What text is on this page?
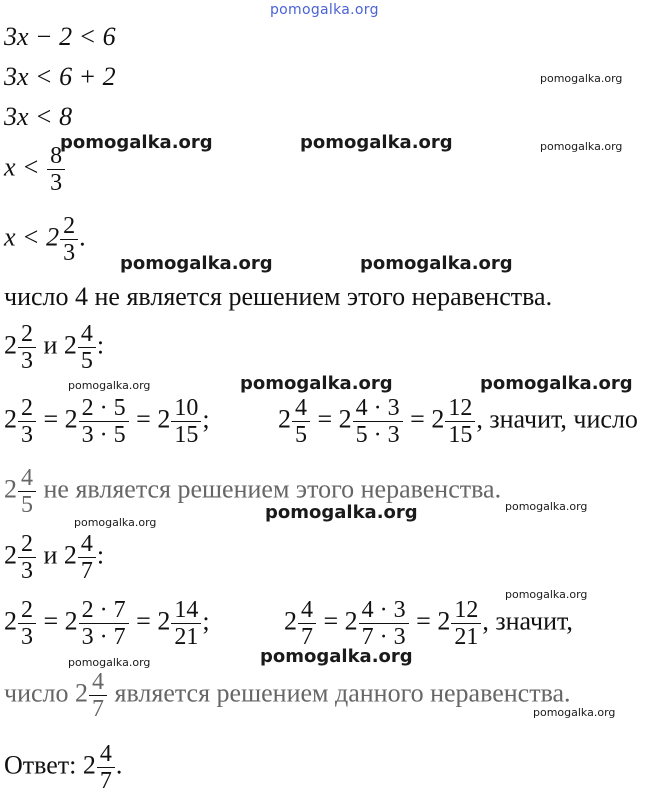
pomogalka.org
3x − 2 < 6
3x < 6 + 2
3x < 8
$x < \frac{8}{3}$
$x < 2 \frac{2}{3}$ .
число 4 не является решением этого неравенства.
$2 \frac{2}{3}$ и $2 \frac{4}{5}$ :
$2 \frac{2}{3} = 2 \frac{2 \cdot 5}{3 \cdot 5} = 2 \frac{10}{15}$ ;	$2 \frac{4}{5} = 2 \frac{4 \cdot 3}{5 \cdot 3} = 2 \frac{12}{15}$ , значит, число
$2 \frac{4}{5}$ не является решением этого неравенства.
$2 \frac{2}{3}$ и $2 \frac{4}{7}$ :
$2 \frac{2}{3} = 2 \frac{2 \cdot 7}{3 \cdot 7} = 2 \frac{14}{21}$ ;	$2 \frac{4}{7} = 2 \frac{4 \cdot 3}{7 \cdot 3} = 2 \frac{12}{21}$ , значит,
число $2 \frac{4}{7}$ является решением данного неравенства.
Ответ: $2 \frac{4}{7}$ .
pomogalka.org
pomogalka.org	pomogalka.org	pomogalka.org
pomogalka.org	pomogalka.org
pomogalka.org	pomogalka.org	pomogalka.org
pomogalka.org	pomogalka.org
pomogalka.org
pomogalka.org
pomogalka.org
pomogalka.org
pomogalka.org
